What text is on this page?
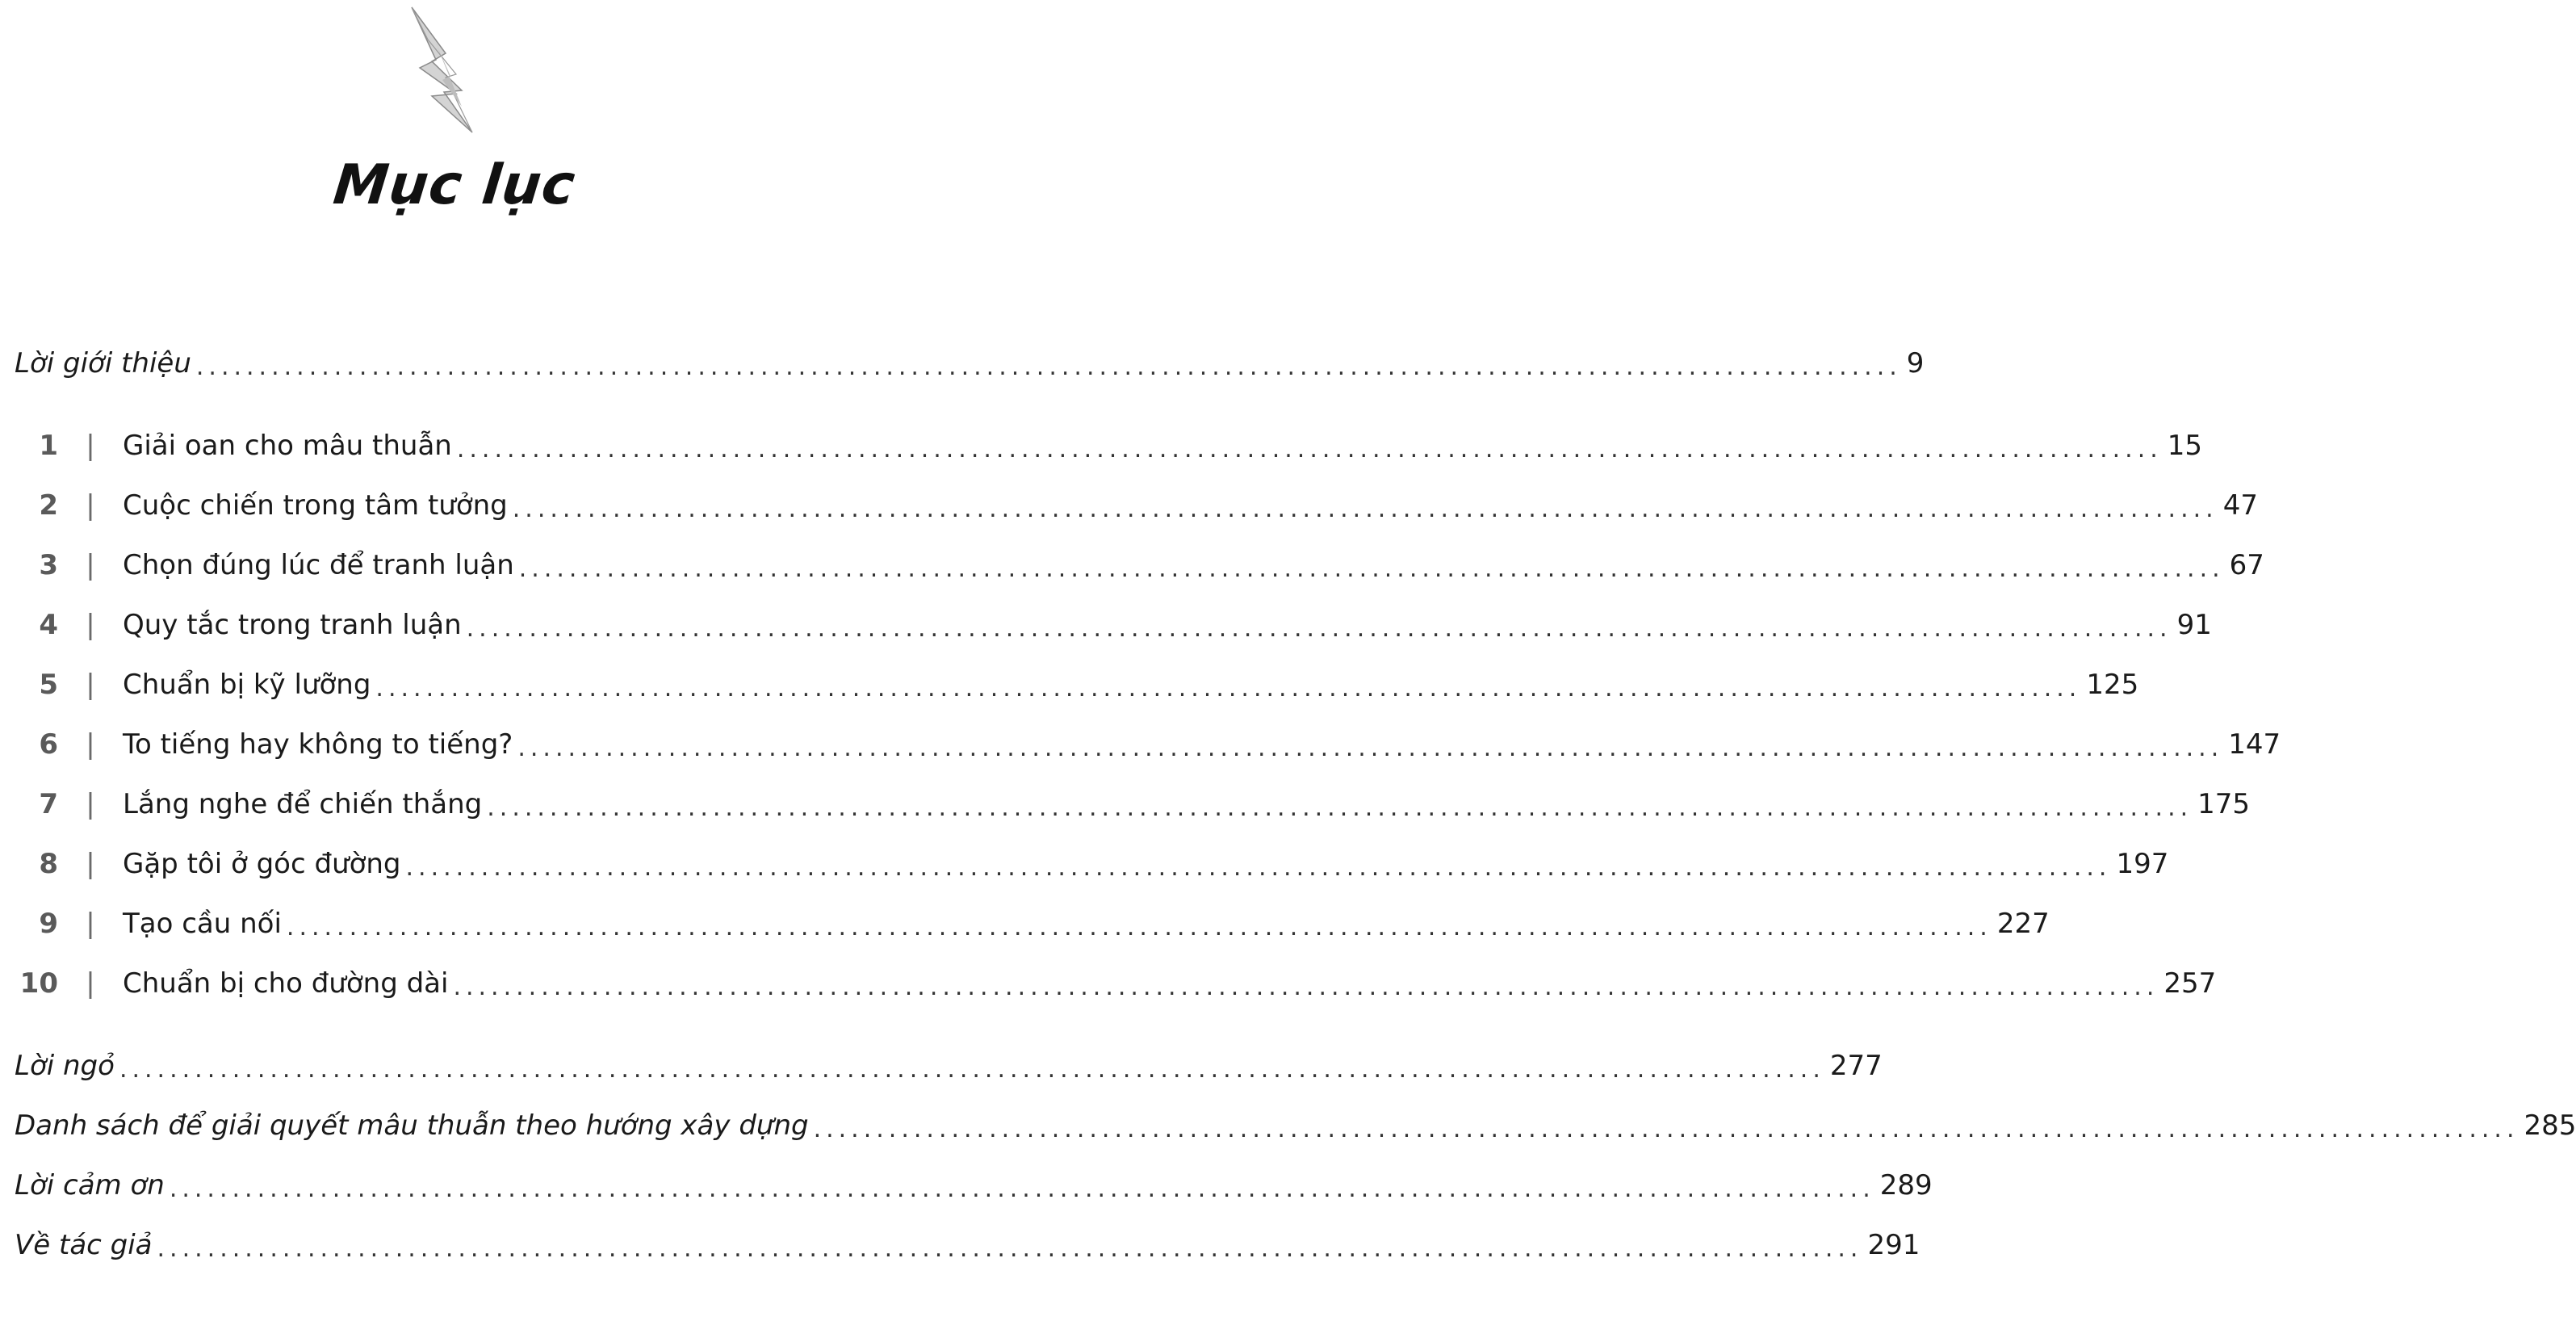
Mục lục
Lời giới thiệu ........................................................................................................................................ 9
1	|	Giải oan cho mâu thuẫn ........................................................................................................................................ 15
2	|	Cuộc chiến trong tâm tưởng ........................................................................................................................................ 47
3	|	Chọn đúng lúc để tranh luận ........................................................................................................................................ 67
4	|	Quy tắc trong tranh luận ........................................................................................................................................ 91
5	|	Chuẩn bị kỹ lưỡng ........................................................................................................................................ 125
6	|	To tiếng hay không to tiếng? ........................................................................................................................................ 147
7	|	Lắng nghe để chiến thắng ........................................................................................................................................ 175
8	|	Gặp tôi ở góc đường ........................................................................................................................................ 197
9	|	Tạo cầu nối ........................................................................................................................................ 227
10	|	Chuẩn bị cho đường dài ........................................................................................................................................ 257
Lời ngỏ ........................................................................................................................................ 277
Danh sách để giải quyết mâu thuẫn theo hướng xây dựng ........................................................................................................................................ 285
Lời cảm ơn ........................................................................................................................................ 289
Về tác giả ........................................................................................................................................ 291
